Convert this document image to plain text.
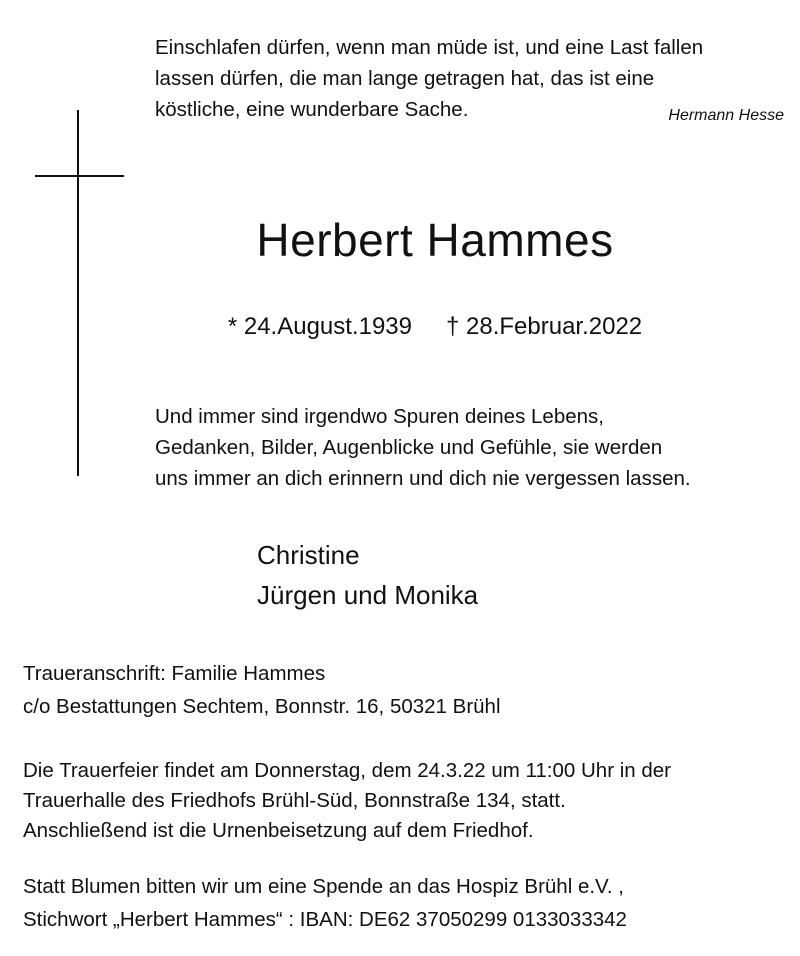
Einschlafen dürfen, wenn man müde ist, und eine Last fallen
lassen dürfen, die man lange getragen hat, das ist eine
köstliche, eine wunderbare Sache.	Hermann Hesse
Herbert Hammes
* 24.August.1939 † 28.Februar.2022
Und immer sind irgendwo Spuren deines Lebens,
Gedanken, Bilder, Augenblicke und Gefühle, sie werden
uns immer an dich erinnern und dich nie vergessen lassen.
Christine
Jürgen und Monika
Traueranschrift: Familie Hammes
c/o Bestattungen Sechtem, Bonnstr. 16, 50321 Brühl
Die Trauerfeier findet am Donnerstag, dem 24.3.22 um 11:00 Uhr in der
Trauerhalle des Friedhofs Brühl-Süd, Bonnstraße 134, statt.
Anschließend ist die Urnenbeisetzung auf dem Friedhof.
Statt Blumen bitten wir um eine Spende an das Hospiz Brühl e.V. ,
Stichwort „Herbert Hammes“ : IBAN: DE62 37050299 0133033342
